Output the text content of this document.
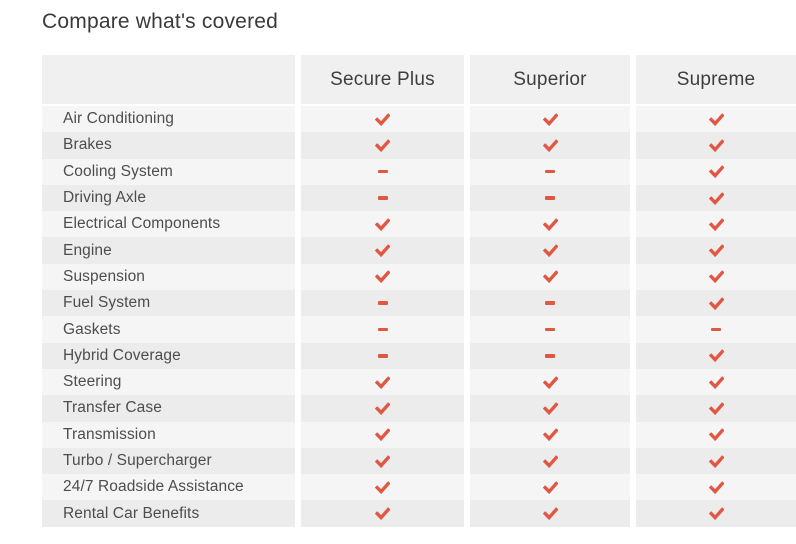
Compare what's covered
Secure Plus	Superior	Supreme
Air Conditioning
Brakes
Cooling System
Driving Axle
Electrical Components
Engine
Suspension
Fuel System
Gaskets
Hybrid Coverage
Steering
Transfer Case
Transmission
Turbo / Supercharger
24/7 Roadside Assistance
Rental Car Benefits
